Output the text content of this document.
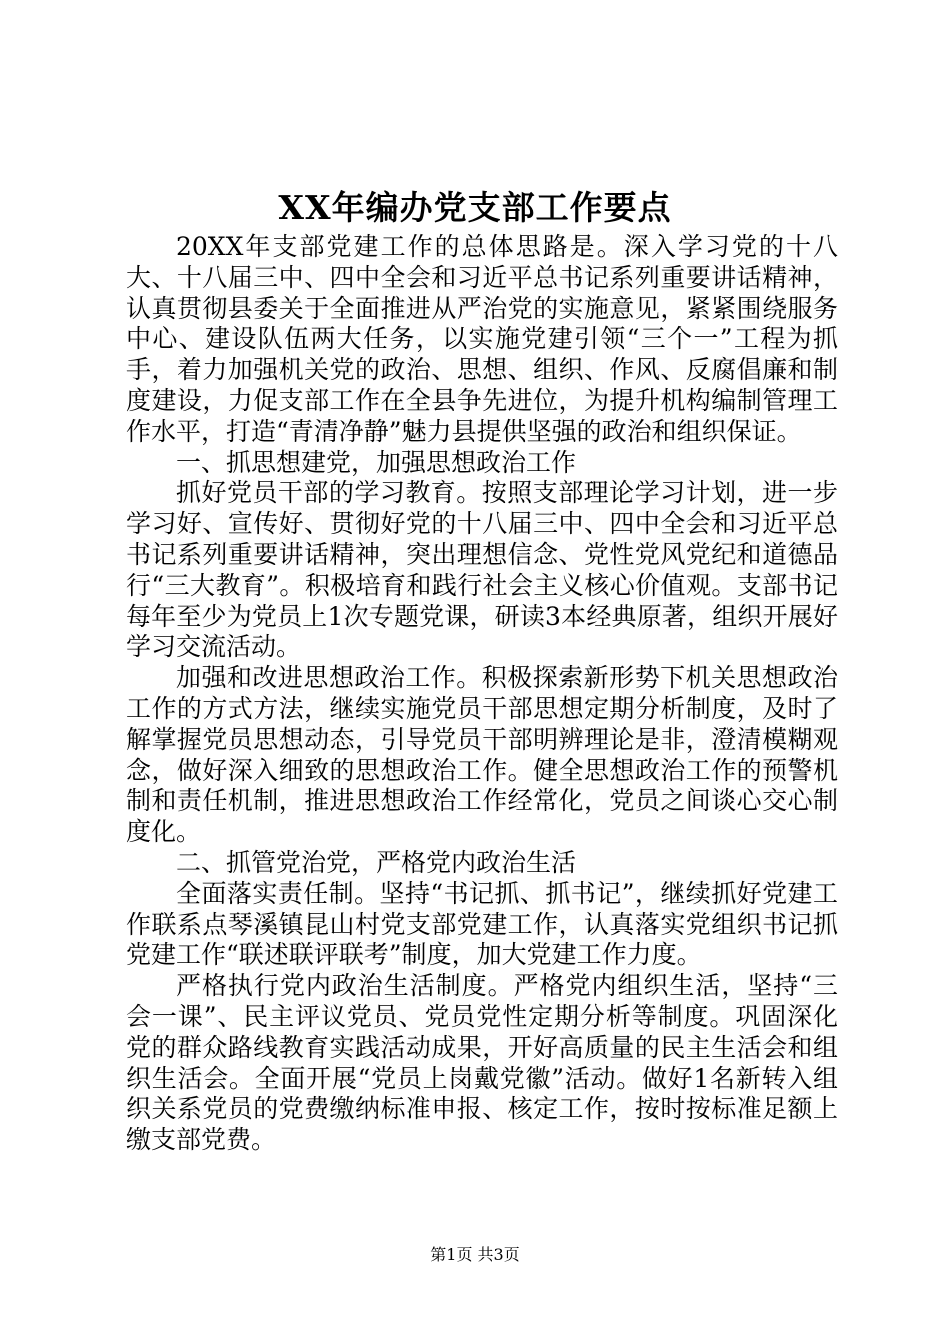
XX年编办党支部工作要点

20XX年支部党建工作的总体思路是。深入学习党的十八大、十八届三中、四中全会和习近平总书记系列重要讲话精神，认真贯彻县委关于全面推进从严治党的实施意见，紧紧围绕服务中心、建设队伍两大任务，以实施党建引领“三个一”工程为抓手，着力加强机关党的政治、思想、组织、作风、反腐倡廉和制度建设，力促支部工作在全县争先进位，为提升机构编制管理工作水平，打造“青清净静”魅力县提供坚强的政治和组织保证。

一、抓思想建党，加强思想政治工作

抓好党员干部的学习教育。按照支部理论学习计划，进一步学习好、宣传好、贯彻好党的十八届三中、四中全会和习近平总书记系列重要讲话精神，突出理想信念、党性党风党纪和道德品行“三大教育”。积极培育和践行社会主义核心价值观。支部书记每年至少为党员上1次专题党课，研读3本经典原著，组织开展好学习交流活动。

加强和改进思想政治工作。积极探索新形势下机关思想政治工作的方式方法，继续实施党员干部思想定期分析制度，及时了解掌握党员思想动态，引导党员干部明辨理论是非，澄清模糊观念，做好深入细致的思想政治工作。健全思想政治工作的预警机制和责任机制，推进思想政治工作经常化，党员之间谈心交心制度化。

二、抓管党治党，严格党内政治生活

全面落实责任制。坚持“书记抓、抓书记”，继续抓好党建工作联系点琴溪镇昆山村党支部党建工作，认真落实党组织书记抓党建工作“联述联评联考”制度，加大党建工作力度。

严格执行党内政治生活制度。严格党内组织生活，坚持“三会一课”、民主评议党员、党员党性定期分析等制度。巩固深化党的群众路线教育实践活动成果，开好高质量的民主生活会和组织生活会。全面开展“党员上岗戴党徽”活动。做好1名新转入组织关系党员的党费缴纳标准申报、核定工作，按时按标准足额上缴支部党费。

第1页 共3页
